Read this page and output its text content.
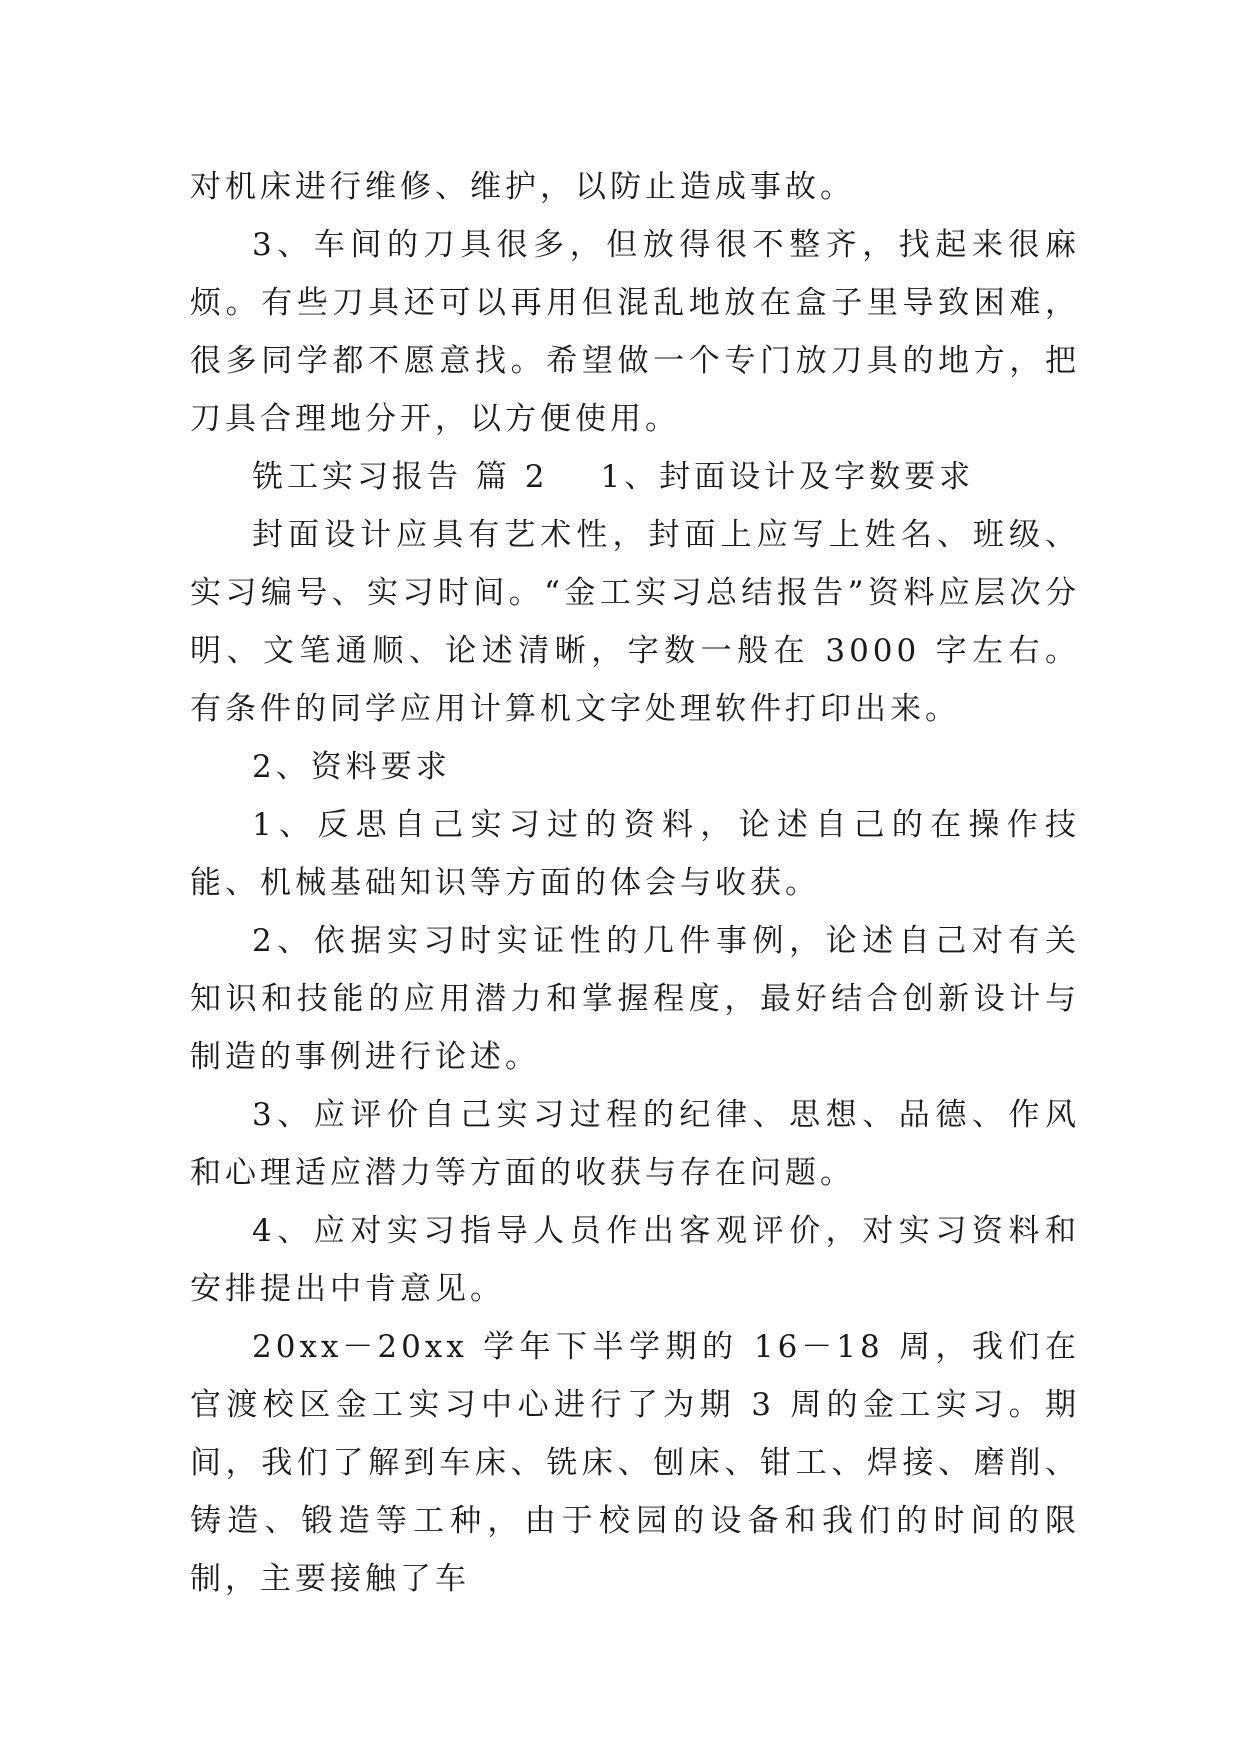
对机床进行维修、维护，以防止造成事故。

3、车间的刀具很多，但放得很不整齐，找起来很麻烦。有些刀具还可以再用但混乱地放在盒子里导致困难，很多同学都不愿意找。希望做一个专门放刀具的地方，把刀具合理地分开，以方便使用。

铣工实习报告 篇 2 1、封面设计及字数要求

封面设计应具有艺术性，封面上应写上姓名、班级、实习编号、实习时间。“金工实习总结报告”资料应层次分明、文笔通顺、论述清晰，字数一般在 3000 字左右。有条件的同学应用计算机文字处理软件打印出来。

2、资料要求

1、反思自己实习过的资料，论述自己的在操作技能、机械基础知识等方面的体会与收获。

2、依据实习时实证性的几件事例，论述自己对有关知识和技能的应用潜力和掌握程度，最好结合创新设计与制造的事例进行论述。

3、应评价自己实习过程的纪律、思想、品德、作风和心理适应潜力等方面的收获与存在问题。

4、应对实习指导人员作出客观评价，对实习资料和安排提出中肯意见。

20xx－20xx 学年下半学期的 16－18 周，我们在官渡校区金工实习中心进行了为期 3 周的金工实习。期间，我们了解到车床、铣床、刨床、钳工、焊接、磨削、铸造、锻造等工种，由于校园的设备和我们的时间的限制，主要接触了车
